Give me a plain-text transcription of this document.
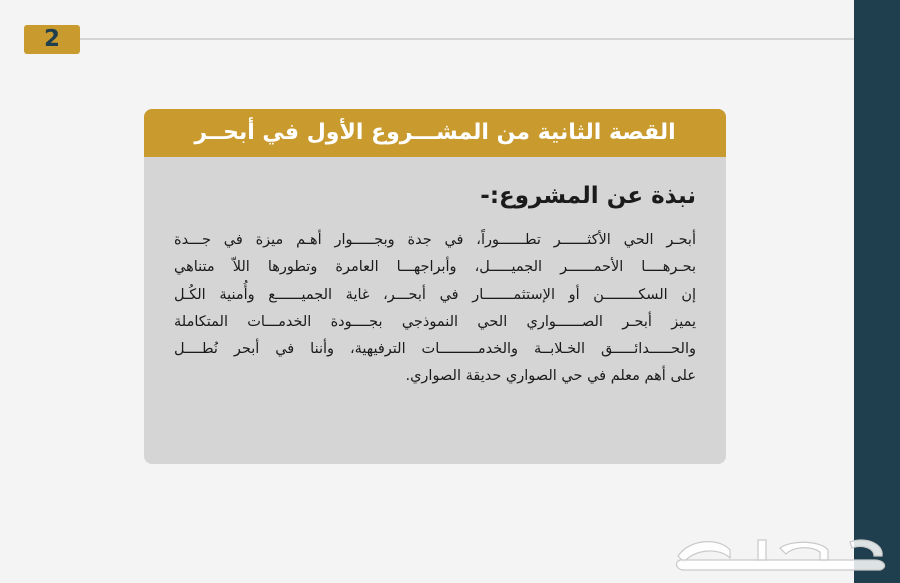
2
القصة الثانية من المشـــروع الأول في أبحــر
نبذة عن المشروع:-
أبحـر الحي الأكثــــــر تطــــــوراً، في جدة وبجـــــوار أهـم ميزة في جـــدة
بحـرهــــا الأحمــــــر الجميـــــل، وأبراجهـــا العامرة وتطورها اللاّ متناهي
إن السكــــــــن أو الإستثمـــــــار في أبحـــر، غاية الجميــــــع وأُمنية الكُـل
يميز أبحـر الصــــــواري الحي النموذجي بجــــودة الخدمـــات المتكاملة
والحـــــدائـــــق الخـلابــة والخدمـــــــــات الترفيهية، وأننا في أبحر نُطــــل
على أهم معلم في حي الصواري حديقة الصواري.
